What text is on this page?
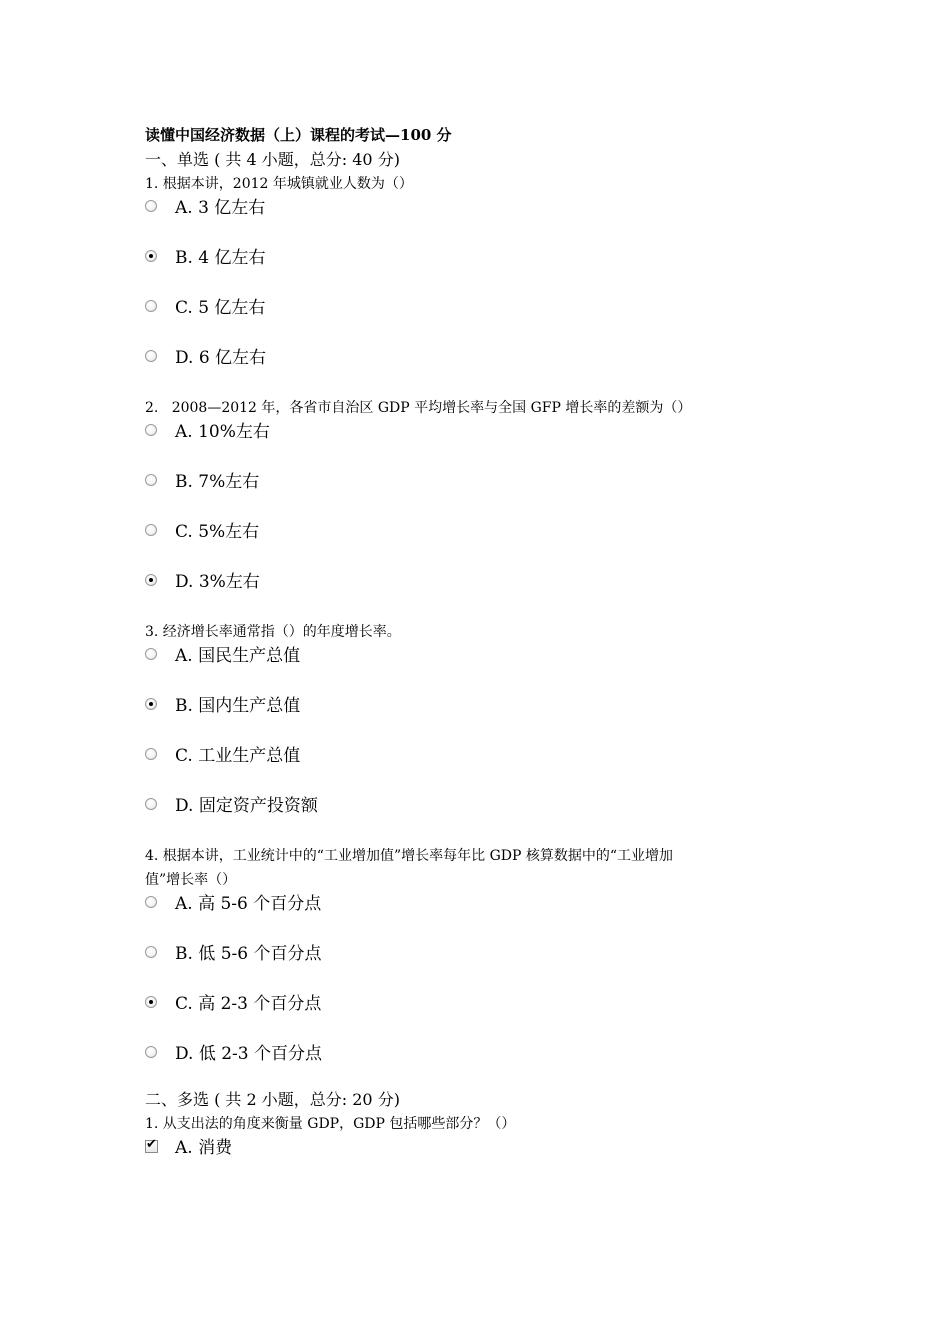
读懂中国经济数据（上）课程的考试—100 分
一、单选 ( 共 4 小题，总分: 40 分)
1. 根据本讲，2012 年城镇就业人数为（）
A. 3 亿左右
B. 4 亿左右
C. 5 亿左右
D. 6 亿左右
2.   2008—2012 年，各省市自治区 GDP 平均增长率与全国 GFP 增长率的差额为（）
A. 10%左右
B. 7%左右
C. 5%左右
D. 3%左右
3. 经济增长率通常指（）的年度增长率。
A. 国民生产总值
B. 国内生产总值
C. 工业生产总值
D. 固定资产投资额
4. 根据本讲，工业统计中的“工业增加值”增长率每年比 GDP 核算数据中的“工业增加
值”增长率（）
A. 高 5-6 个百分点
B. 低 5-6 个百分点
C. 高 2-3 个百分点
D. 低 2-3 个百分点
二、多选 ( 共 2 小题，总分: 20 分)
1. 从支出法的角度来衡量 GDP，GDP 包括哪些部分？（）
✔ A. 消费
